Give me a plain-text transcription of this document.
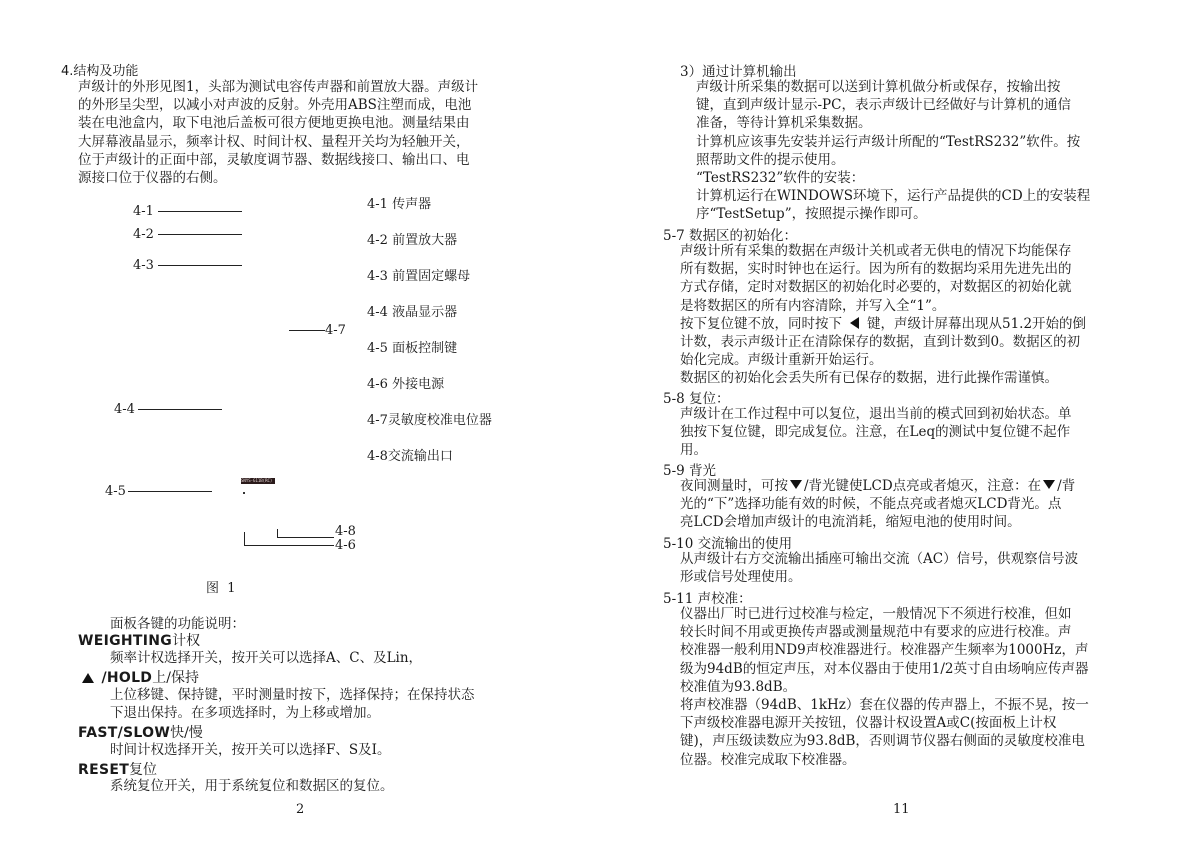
4.结构及功能
声级计的外形见图1，头部为测试电容传声器和前置放大器。声级计
的外形呈尖型，以减小对声波的反射。外壳用ABS注塑而成，电池
装在电池盒内，取下电池后盖板可很方便地更换电池。测量结果由
大屏幕液晶显示，频率计权、时间计权、量程开关均为轻触开关，
位于声级计的正面中部，灵敏度调节器、数据线接口、输出口、电
源接口位于仪器的右侧。
4-1
4-2
4-3
4-7
4-4
SNYS-G11B(RC)
4-5
4-8
4-6
4-1 传声器
4-2 前置放大器
4-3 前置固定螺母
4-4 液晶显示器
4-5 面板控制键
4-6 外接电源
4-7灵敏度校准电位器
4-8交流输出口
图  1
面板各键的功能说明：
WEIGHTING计权
频率计权选择开关，按开关可以选择A、C、及Lin，
/HOLD上/保持
上位移键、保持键，平时测量时按下，选择保持；在保持状态
下退出保持。在多项选择时，为上移或增加。
FAST/SLOW快/慢
时间计权选择开关，按开关可以选择F、S及I。
RESET复位
系统复位开关，用于系统复位和数据区的复位。
2
3）通过计算机输出
声级计所采集的数据可以送到计算机做分析或保存，按输出按
键，直到声级计显示-PC，表示声级计已经做好与计算机的通信
准备，等待计算机采集数据。
计算机应该事先安装并运行声级计所配的“TestRS232”软件。按
照帮助文件的提示使用。
“TestRS232”软件的安装：
计算机运行在WINDOWS环境下，运行产品提供的CD上的安装程
序“TestSetup”，按照提示操作即可。
5-7 数据区的初始化：
声级计所有采集的数据在声级计关机或者无供电的情况下均能保存
所有数据，实时时钟也在运行。因为所有的数据均采用先进先出的
方式存储，定时对数据区的初始化时必要的，对数据区的初始化就
是将数据区的所有内容清除，并写入全“1”。
按下复位键不放，同时按下 键，声级计屏幕出现从51.2开始的倒
计数，表示声级计正在清除保存的数据，直到计数到0。数据区的初
始化完成。声级计重新开始运行。
数据区的初始化会丢失所有已保存的数据，进行此操作需谨慎。
5-8 复位：
声级计在工作过程中可以复位，退出当前的模式回到初始状态。单
独按下复位键，即完成复位。注意，在Leq的测试中复位键不起作
用。
5-9 背光
夜间测量时，可按 /背光键使LCD点亮或者熄灭，注意：在 /背
光的“下”选择功能有效的时候，不能点亮或者熄灭LCD背光。点
亮LCD会增加声级计的电流消耗，缩短电池的使用时间。
5-10 交流输出的使用
从声级计右方交流输出插座可输出交流（AC）信号，供观察信号波
形或信号处理使用。
5-11 声校准：
仪器出厂时已进行过校准与检定，一般情况下不须进行校准，但如
较长时间不用或更换传声器或测量规范中有要求的应进行校准。声
校准器一般利用ND9声校准器进行。校准器产生频率为1000Hz，声
级为94dB的恒定声压，对本仪器由于使用1/2英寸自由场响应传声器
校准值为93.8dB。
将声校准器（94dB、1kHz）套在仪器的传声器上，不振不晃，按一
下声级校准器电源开关按钮，仪器计权设置A或C(按面板上计权
键)，声压级读数应为93.8dB，否则调节仪器右侧面的灵敏度校准电
位器。校准完成取下校准器。
11
